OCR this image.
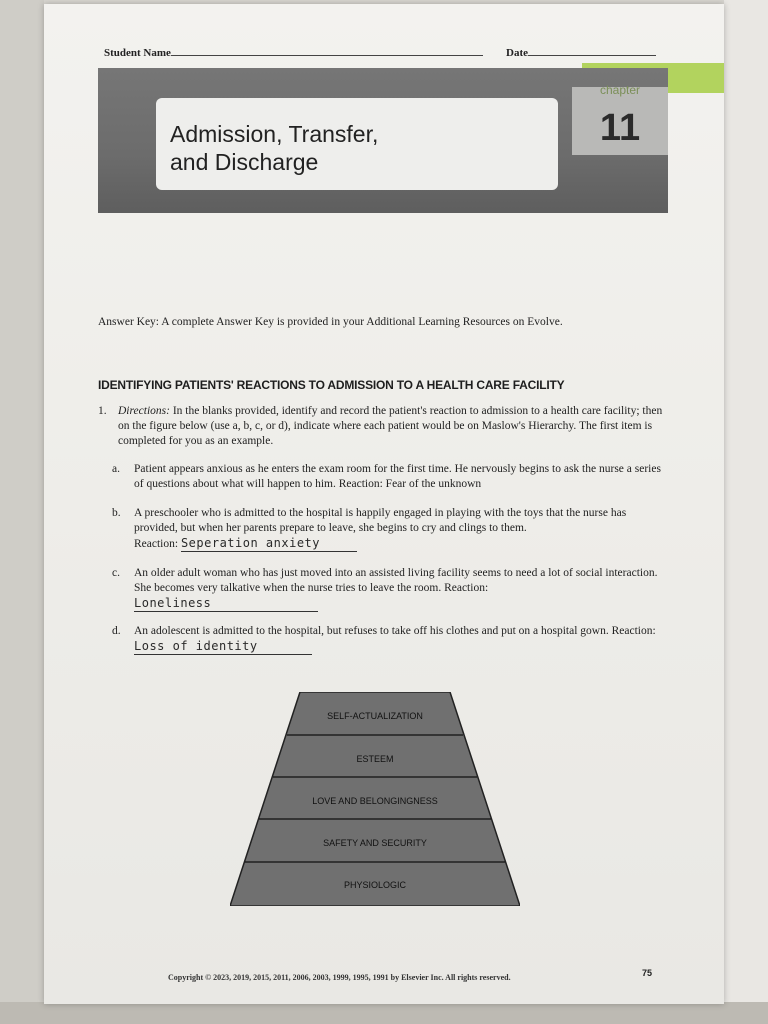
Student Name	Date
Admission, Transfer,
and Discharge
chapter
11
Answer Key: A complete Answer Key is provided in your Additional Learning Resources on Evolve.
IDENTIFYING PATIENTS' REACTIONS TO ADMISSION TO A HEALTH CARE FACILITY
1. Directions: In the blanks provided, identify and record the patient's reaction to admission to a health care facility; then on the figure below (use a, b, c, or d), indicate where each patient would be on Maslow's Hierarchy. The first item is completed for you as an example.
a. Patient appears anxious as he enters the exam room for the first time. He nervously begins to ask the nurse a series of questions about what will happen to him. Reaction: Fear of the unknown
b. A preschooler who is admitted to the hospital is happily engaged in playing with the toys that the nurse has provided, but when her parents prepare to leave, she begins to cry and clings to them.
Reaction: Seperation anxiety
c. An older adult woman who has just moved into an assisted living facility seems to need a lot of social interaction. She becomes very talkative when the nurse tries to leave the room. Reaction:
Loneliness
d. An adolescent is admitted to the hospital, but refuses to take off his clothes and put on a hospital gown. Reaction: Loss of identity
SELF-ACTUALIZATION
ESTEEM
LOVE AND BELONGINGNESS
SAFETY AND SECURITY
PHYSIOLOGIC
Copyright © 2023, 2019, 2015, 2011, 2006, 2003, 1999, 1995, 1991 by Elsevier Inc. All rights reserved.	75
